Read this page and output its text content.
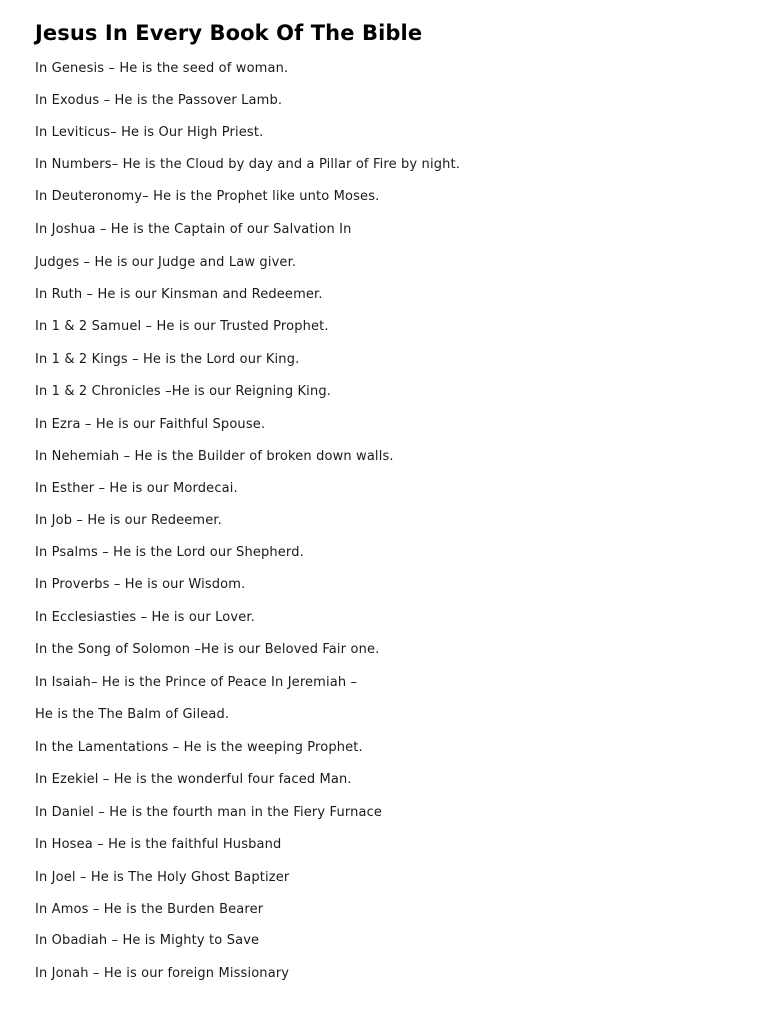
Jesus In Every Book Of The Bible
In Genesis – He is the seed of woman.
In Exodus – He is the Passover Lamb.
In Leviticus– He is Our High Priest.
In Numbers– He is the Cloud by day and a Pillar of Fire by night.
In Deuteronomy– He is the Prophet like unto Moses.
In Joshua – He is the Captain of our Salvation In
Judges – He is our Judge and Law giver.
In Ruth – He is our Kinsman and Redeemer.
In 1 & 2 Samuel – He is our Trusted Prophet.
In 1 & 2 Kings – He is the Lord our King.
In 1 & 2 Chronicles –He is our Reigning King.
In Ezra – He is our Faithful Spouse.
In Nehemiah – He is the Builder of broken down walls.
In Esther – He is our Mordecai.
In Job – He is our Redeemer.
In Psalms – He is the Lord our Shepherd.
In Proverbs – He is our Wisdom.
In Ecclesiasties – He is our Lover.
In the Song of Solomon –He is our Beloved Fair one.
In Isaiah– He is the Prince of Peace In Jeremiah –
He is the The Balm of Gilead.
In the Lamentations – He is the weeping Prophet.
In Ezekiel – He is the wonderful four faced Man.
In Daniel – He is the fourth man in the Fiery Furnace
In Hosea – He is the faithful Husband
In Joel – He is The Holy Ghost Baptizer
In Amos – He is the Burden Bearer
In Obadiah – He is Mighty to Save
In Jonah – He is our foreign Missionary
